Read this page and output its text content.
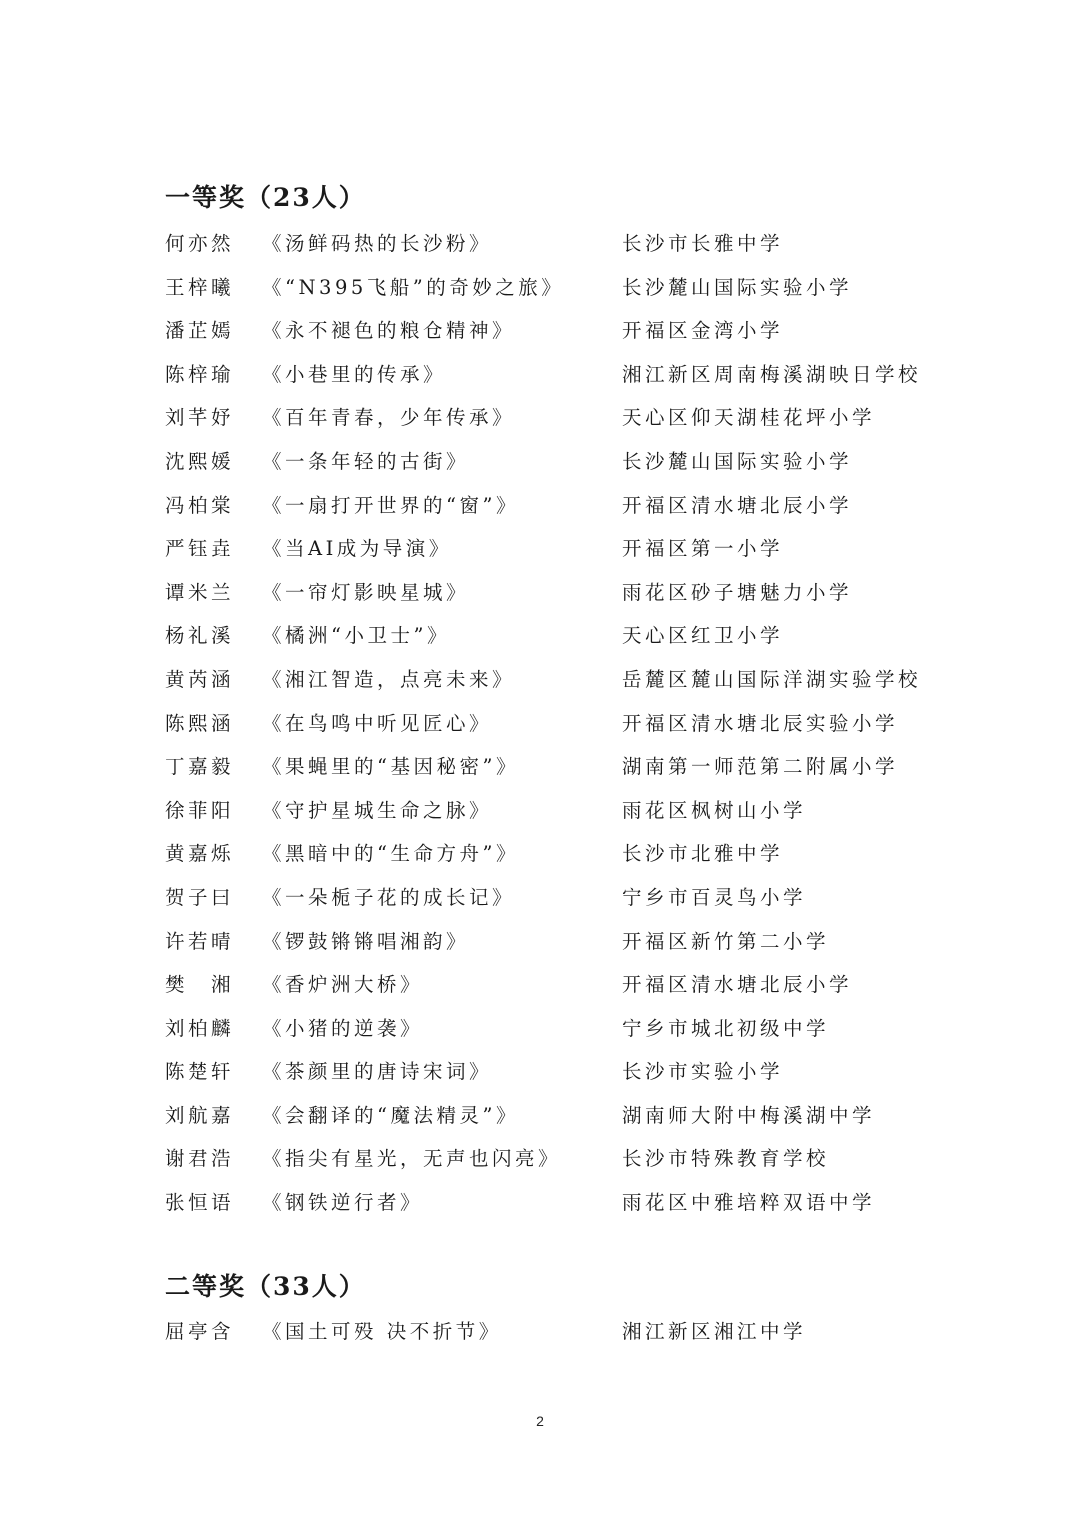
一等奖（23人）
何亦然	《汤鲜码热的长沙粉》	长沙市长雅中学
王梓曦	《“N395飞船”的奇妙之旅》	长沙麓山国际实验小学
潘芷嫣	《永不褪色的粮仓精神》	开福区金湾小学
陈梓瑜	《小巷里的传承》	湘江新区周南梅溪湖映日学校
刘芊妤	《百年青春，少年传承》	天心区仰天湖桂花坪小学
沈熙媛	《一条年轻的古街》	长沙麓山国际实验小学
冯柏棠	《一扇打开世界的“窗”》	开福区清水塘北辰小学
严钰垚	《当AI成为导演》	开福区第一小学
谭米兰	《一帘灯影映星城》	雨花区砂子塘魅力小学
杨礼溪	《橘洲“小卫士”》	天心区红卫小学
黄芮涵	《湘江智造，点亮未来》	岳麓区麓山国际洋湖实验学校
陈熙涵	《在鸟鸣中听见匠心》	开福区清水塘北辰实验小学
丁嘉毅	《果蝇里的“基因秘密”》	湖南第一师范第二附属小学
徐菲阳	《守护星城生命之脉》	雨花区枫树山小学
黄嘉烁	《黑暗中的“生命方舟”》	长沙市北雅中学
贺子曰	《一朵栀子花的成长记》	宁乡市百灵鸟小学
许若晴	《锣鼓锵锵唱湘韵》	开福区新竹第二小学
樊　湘	《香炉洲大桥》	开福区清水塘北辰小学
刘柏麟	《小猪的逆袭》	宁乡市城北初级中学
陈楚轩	《茶颜里的唐诗宋词》	长沙市实验小学
刘航嘉	《会翻译的“魔法精灵”》	湖南师大附中梅溪湖中学
谢君浩	《指尖有星光，无声也闪亮》	长沙市特殊教育学校
张恒语	《钢铁逆行者》	雨花区中雅培粹双语中学
二等奖（33人）
屈亭含	《国土可殁 决不折节》	湘江新区湘江中学
2
